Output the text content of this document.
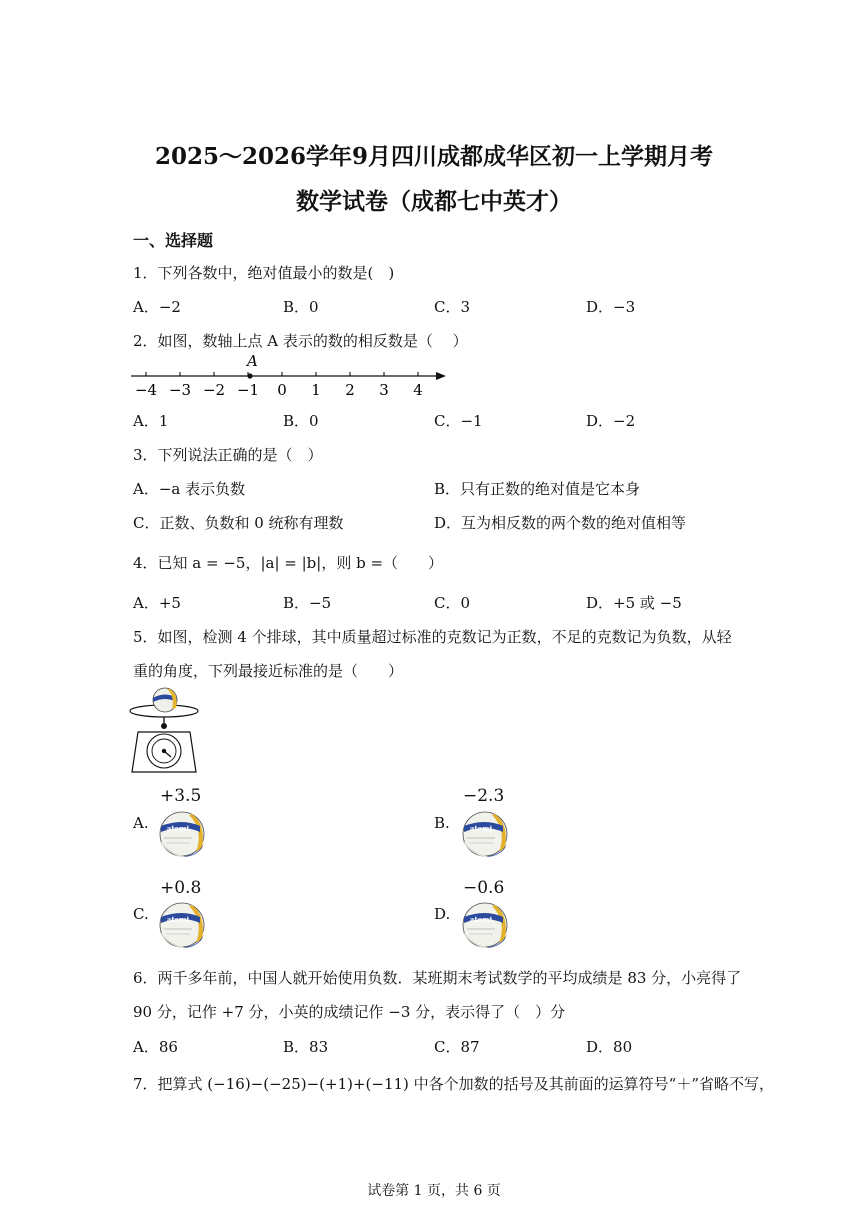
2025～2026学年9月四川成都成华区初一上学期月考
数学试卷（成都七中英才）
一、选择题
1．下列各数中，绝对值最小的数是(　)
A．−2	B．0	C．3	D．−3
2．如图，数轴上点 A 表示的数的相反数是（　 ）
A
−4 −3 −2 −1 0 1 2 3 4
A．1	B．0	C．−1	D．−2
3．下列说法正确的是（　）
A．−a 表示负数	B．只有正数的绝对值是它本身
C．正数、负数和 0 统称有理数	D．互为相反数的两个数的绝对值相等
4．已知 a = −5，|a| = |b|，则 b =（　　）
A．+5	B．−5	C．0	D．+5 或 −5
5．如图，检测 4 个排球，其中质量超过标准的克数记为正数，不足的克数记为负数，从轻
重的角度，下列最接近标准的是（　　）
+3.5
A.	atemi
−2.3
B.	atemi
+0.8
C.	atemi
−0.6
D.	atemi
6．两千多年前，中国人就开始使用负数．某班期末考试数学的平均成绩是 83 分，小亮得了
90 分，记作 +7 分，小英的成绩记作 −3 分，表示得了（　）分
A．86	B．83	C．87	D．80
7．把算式 (−16)−(−25)−(+1)+(−11) 中各个加数的括号及其前面的运算符号“＋”省略不写，
试卷第 1 页，共 6 页
